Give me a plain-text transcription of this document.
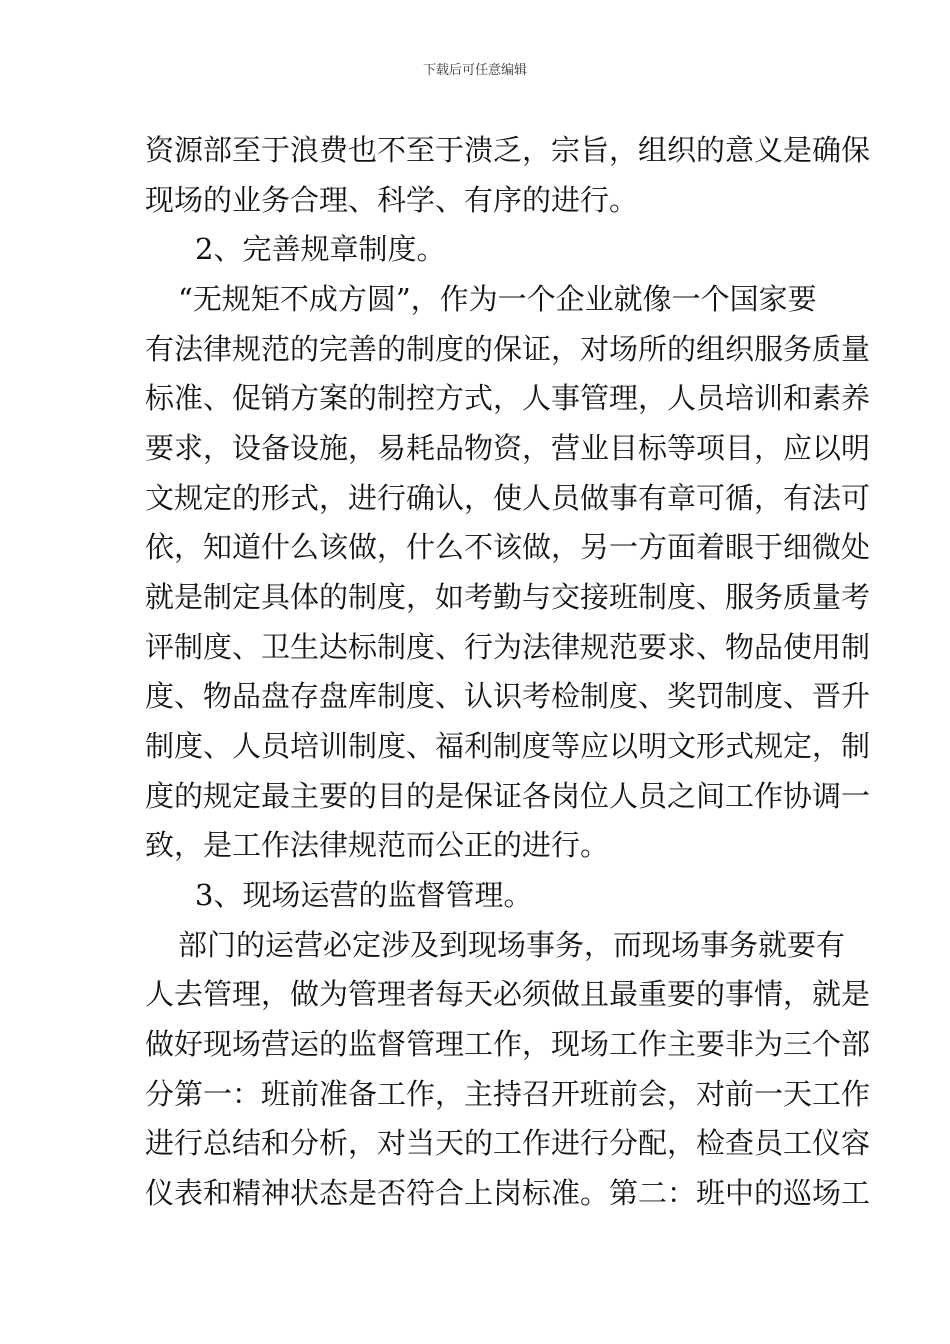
下载后可任意编辑
资源部至于浪费也不至于溃乏，宗旨，组织的意义是确保
现场的业务合理、科学、有序的进行。
2、完善规章制度。
“无规矩不成方圆”，作为一个企业就像一个国家要
有法律规范的完善的制度的保证，对场所的组织服务质量
标准、促销方案的制控方式，人事管理，人员培训和素养
要求，设备设施，易耗品物资，营业目标等项目，应以明
文规定的形式，进行确认，使人员做事有章可循，有法可
依，知道什么该做，什么不该做，另一方面着眼于细微处
就是制定具体的制度，如考勤与交接班制度、服务质量考
评制度、卫生达标制度、行为法律规范要求、物品使用制
度、物品盘存盘库制度、认识考检制度、奖罚制度、晋升
制度、人员培训制度、福利制度等应以明文形式规定，制
度的规定最主要的目的是保证各岗位人员之间工作协调一
致，是工作法律规范而公正的进行。
3、现场运营的监督管理。
部门的运营必定涉及到现场事务，而现场事务就要有
人去管理，做为管理者每天必须做且最重要的事情，就是
做好现场营运的监督管理工作，现场工作主要非为三个部
分第一：班前准备工作，主持召开班前会，对前一天工作
进行总结和分析，对当天的工作进行分配，检查员工仪容
仪表和精神状态是否符合上岗标准。第二：班中的巡场工
